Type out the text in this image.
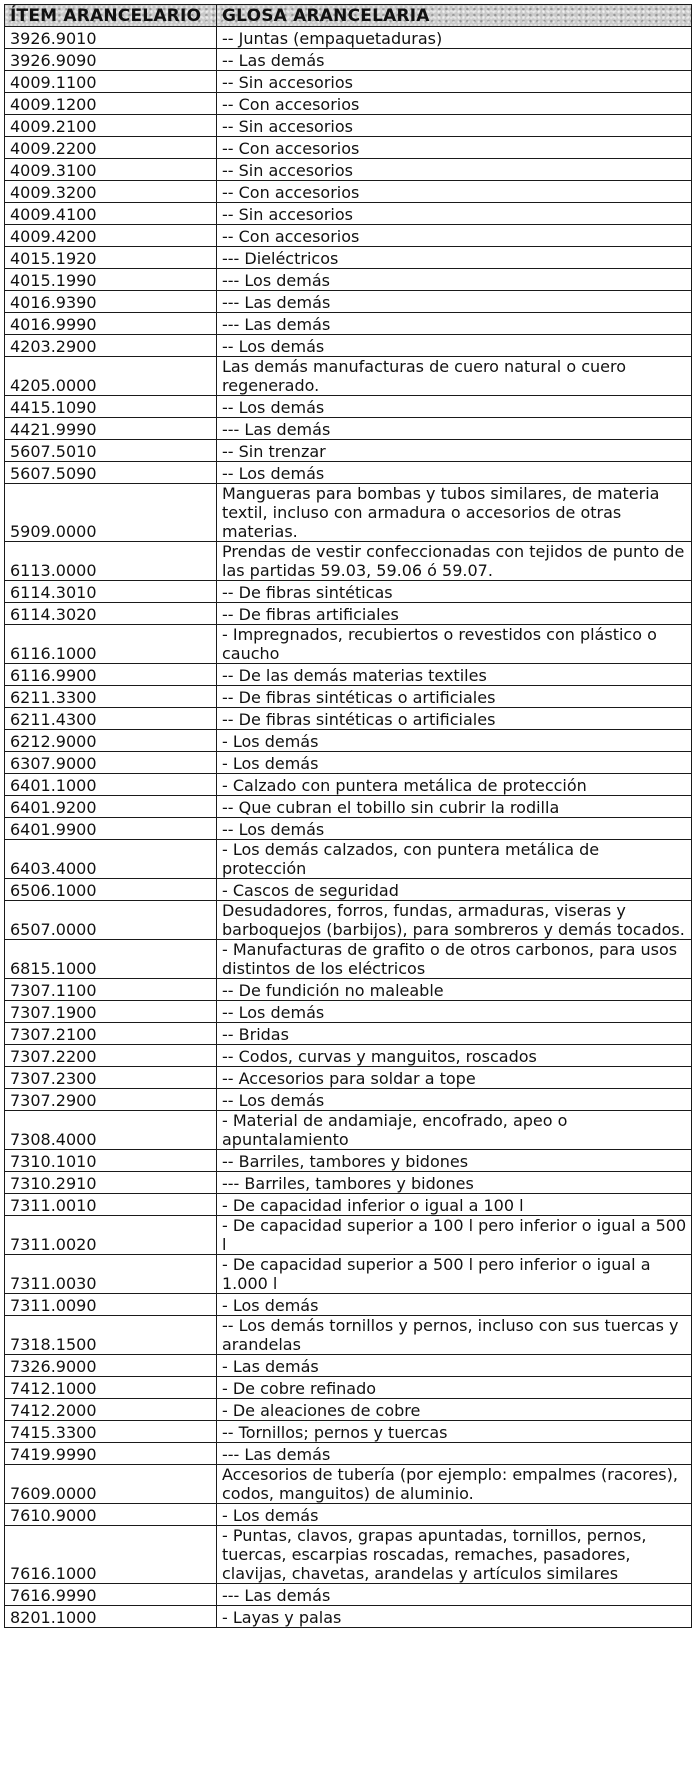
ÍTEM ARANCELARIO	GLOSA ARANCELARIA
3926.9010	-- Juntas (empaquetaduras)
3926.9090	-- Las demás
4009.1100	-- Sin accesorios
4009.1200	-- Con accesorios
4009.2100	-- Sin accesorios
4009.2200	-- Con accesorios
4009.3100	-- Sin accesorios
4009.3200	-- Con accesorios
4009.4100	-- Sin accesorios
4009.4200	-- Con accesorios
4015.1920	--- Dieléctricos
4015.1990	--- Los demás
4016.9390	--- Las demás
4016.9990	--- Las demás
4203.2900	-- Los demás
4205.0000	Las demás manufacturas de cuero natural o cuero regenerado.
4415.1090	-- Los demás
4421.9990	--- Las demás
5607.5010	-- Sin trenzar
5607.5090	-- Los demás
5909.0000	Mangueras para bombas y tubos similares, de materia textil, incluso con armadura o accesorios de otras materias.
6113.0000	Prendas de vestir confeccionadas con tejidos de punto de las partidas 59.03, 59.06 ó 59.07.
6114.3010	-- De fibras sintéticas
6114.3020	-- De fibras artificiales
6116.1000	- Impregnados, recubiertos o revestidos con plástico o caucho
6116.9900	-- De las demás materias textiles
6211.3300	-- De fibras sintéticas o artificiales
6211.4300	-- De fibras sintéticas o artificiales
6212.9000	- Los demás
6307.9000	- Los demás
6401.1000	- Calzado con puntera metálica de protección
6401.9200	-- Que cubran el tobillo sin cubrir la rodilla
6401.9900	-- Los demás
6403.4000	- Los demás calzados, con puntera metálica de protección
6506.1000	- Cascos de seguridad
6507.0000	Desudadores, forros, fundas, armaduras, viseras y barboquejos (barbijos), para sombreros y demás tocados.
6815.1000	- Manufacturas de grafito o de otros carbonos, para usos distintos de los eléctricos
7307.1100	-- De fundición no maleable
7307.1900	-- Los demás
7307.2100	-- Bridas
7307.2200	-- Codos, curvas y manguitos, roscados
7307.2300	-- Accesorios para soldar a tope
7307.2900	-- Los demás
7308.4000	- Material de andamiaje, encofrado, apeo o apuntalamiento
7310.1010	-- Barriles, tambores y bidones
7310.2910	--- Barriles, tambores y bidones
7311.0010	- De capacidad inferior o igual a 100 l
7311.0020	- De capacidad superior a 100 l pero inferior o igual a 500 l
7311.0030	- De capacidad superior a 500 l pero inferior o igual a 1.000 l
7311.0090	- Los demás
7318.1500	-- Los demás tornillos y pernos, incluso con sus tuercas y arandelas
7326.9000	- Las demás
7412.1000	- De cobre refinado
7412.2000	- De aleaciones de cobre
7415.3300	-- Tornillos; pernos y tuercas
7419.9990	--- Las demás
7609.0000	Accesorios de tubería (por ejemplo: empalmes (racores), codos, manguitos) de aluminio.
7610.9000	- Los demás
7616.1000	- Puntas, clavos, grapas apuntadas, tornillos, pernos, tuercas, escarpias roscadas, remaches, pasadores, clavijas, chavetas, arandelas y artículos similares
7616.9990	--- Las demás
8201.1000	- Layas y palas
